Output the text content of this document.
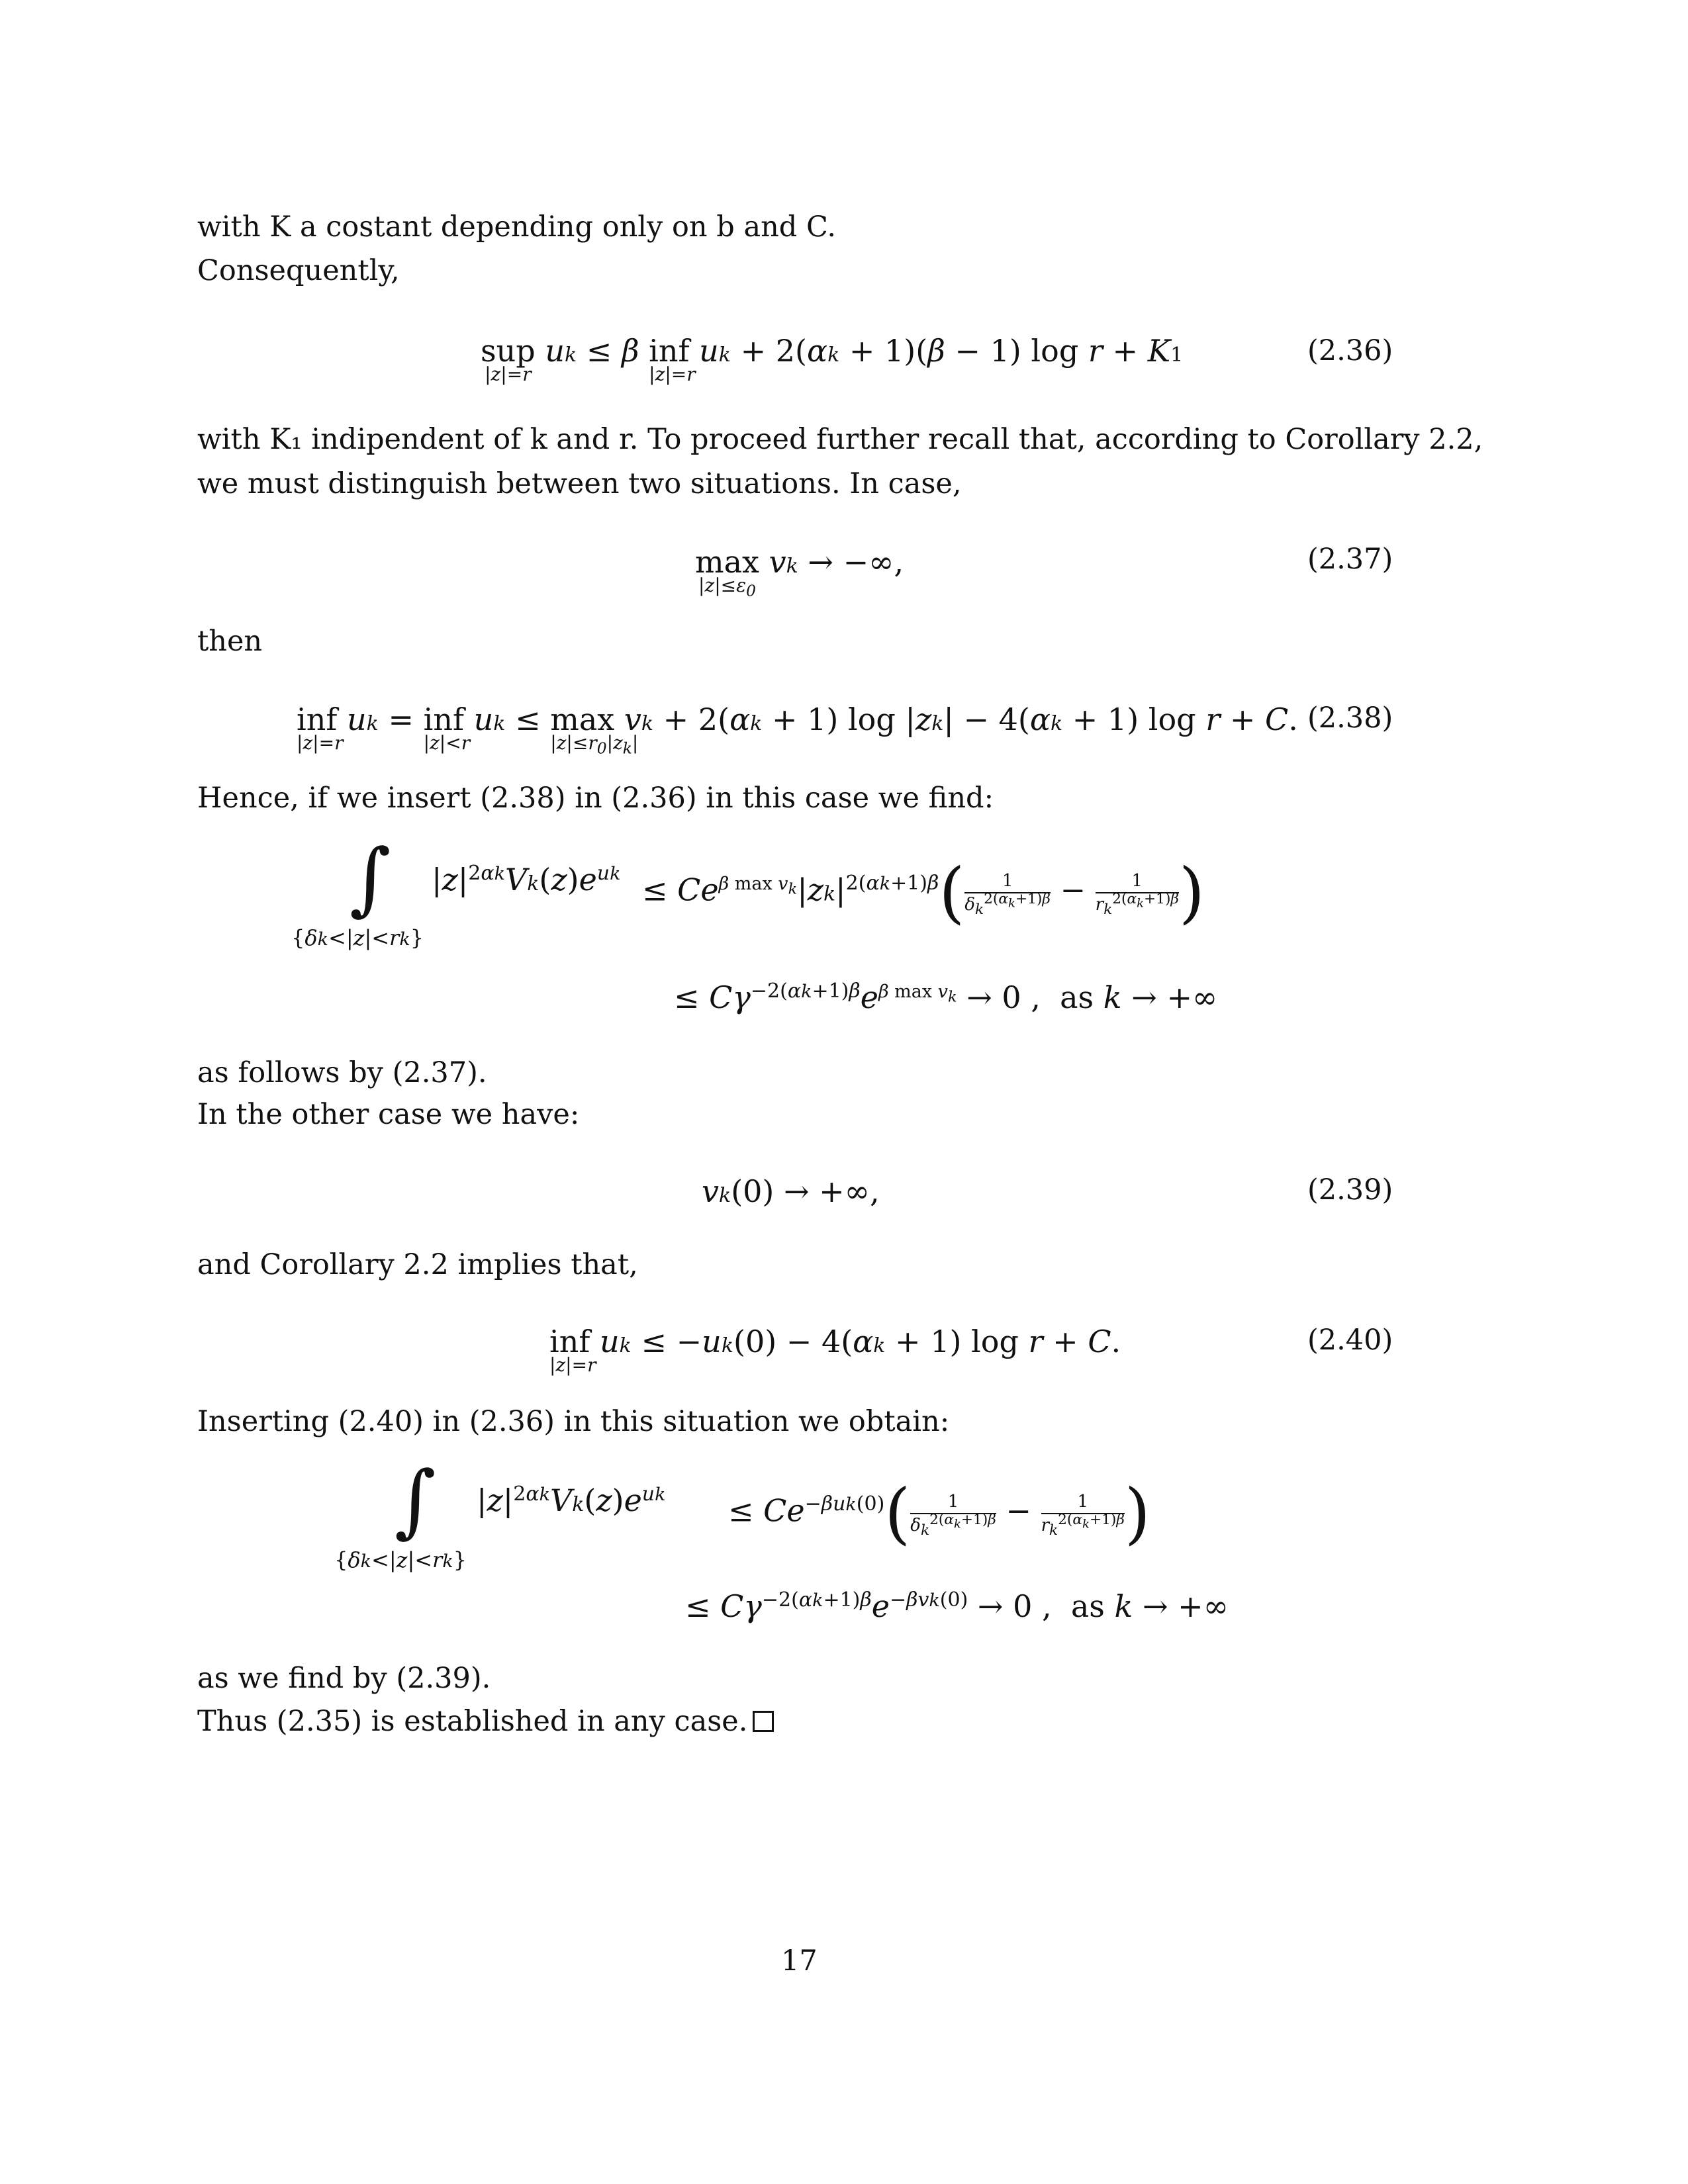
with K a costant depending only on b and C.
Consequently,
sup
|z|=r
uk ≤ β inf
|z|=r
uk + 2(αk + 1)(β − 1) log r + K1	(2.36)
with K₁ indipendent of k and r. To proceed further recall that, according to Corollary 2.2,
we must distinguish between two situations. In case,
max
$|z|\le\varepsilon_0$
vk → −∞,	(2.37)
then
inf
|z|=r
uk = inf
|z|<r
uk ≤ max
$|z|\le r_0|z_k|$
vk + 2(αk + 1) log |zk| − 4(αk + 1) log r + C. (2.38)
Hence, if we insert (2.38) in (2.36) in this case we find:
∫
{δk<|z|<rk}
$|z|^{2\alpha k}Vk(z)e^{uk} \le Ce^{\beta max v_k}|zk|^{2(\alpha k+1)\beta}( \frac{1}{\delta_k^{2(\alpha_k+1)\beta}} - \frac{1}{r_k^{2(\alpha_k+1)\beta}}$ )
≤ $C\gamma^{-2(\alpha k+1)\beta}e^{\beta max v_k} \to 0$ ,  as k → +∞
as follows by (2.37).
In the other case we have:
vk(0) → +∞,	(2.39)
and Corollary 2.2 implies that,
inf
|z|=r
uk ≤ −uk(0) − 4(αk + 1) log r + C.	(2.40)
Inserting (2.40) in (2.36) in this situation we obtain:
∫
{δk<|z|<rk}
$|z|^{2\alpha k}Vk(z)e^{uk} \le Ce^{-\beta uk(0)}( \frac{1}{\delta_k^{2(\alpha_k+1)\beta}} - \frac{1}{r_k^{2(\alpha_k+1)\beta}}$ )
≤ $C\gamma^{-2(\alpha k+1)\beta}e^{-\beta vk(0)} \to 0$ ,  as k → +∞
as we find by (2.39).
Thus (2.35) is established in any case.
17
